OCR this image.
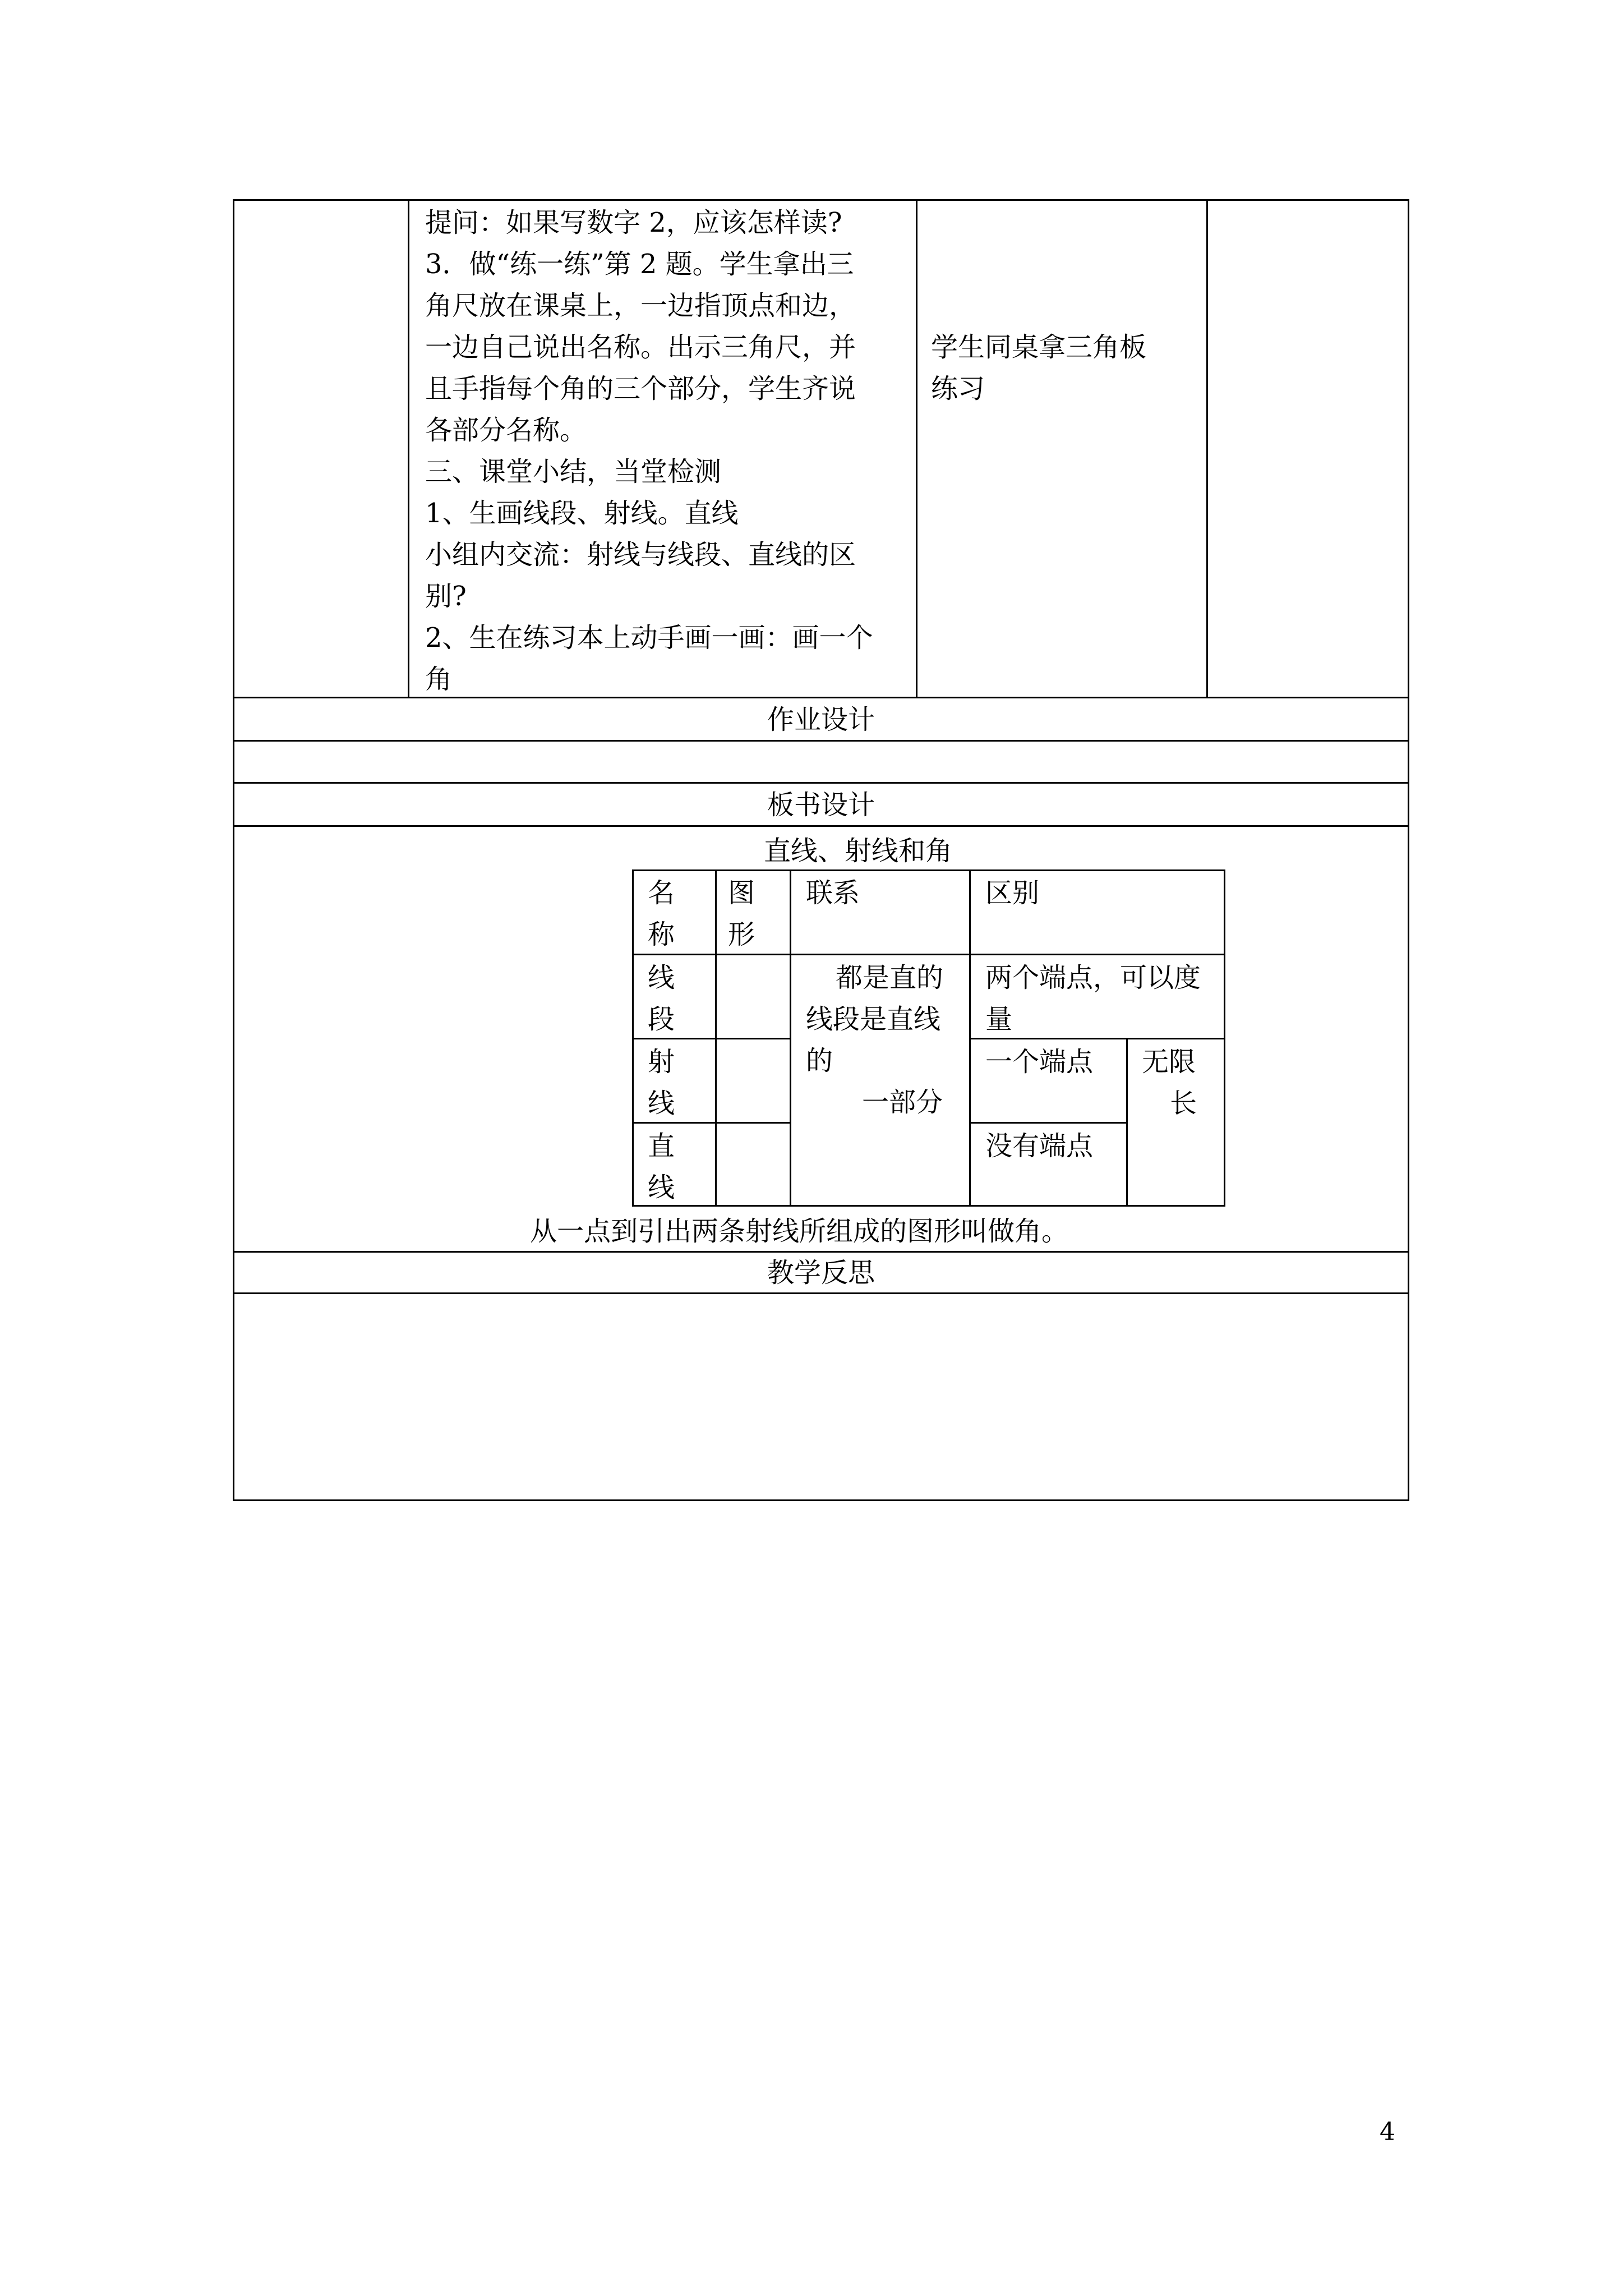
提问：如果写数字 2，应该怎样读?
3．做“练一练”第 2 题。学生拿出三
角尺放在课桌上，一边指顶点和边，
一边自己说出名称。出示三角尺，并
且手指每个角的三个部分，学生齐说
各部分名称。
三、课堂小结，当堂检测
1、生画线段、射线。直线
小组内交流：射线与线段、直线的区
别?
2、生在练习本上动手画一画：画一个
角
学生同桌拿三角板
练习
作业设计
板书设计
直线、射线和角
名
称
图
形
联系	区别
线
段
两个端点，可以度
量
射
线
一个端点
直
线
没有端点
都是直的
线段是直线
的
一部分
无限
长
从一点到引出两条射线所组成的图形叫做角。
教学反思
4
